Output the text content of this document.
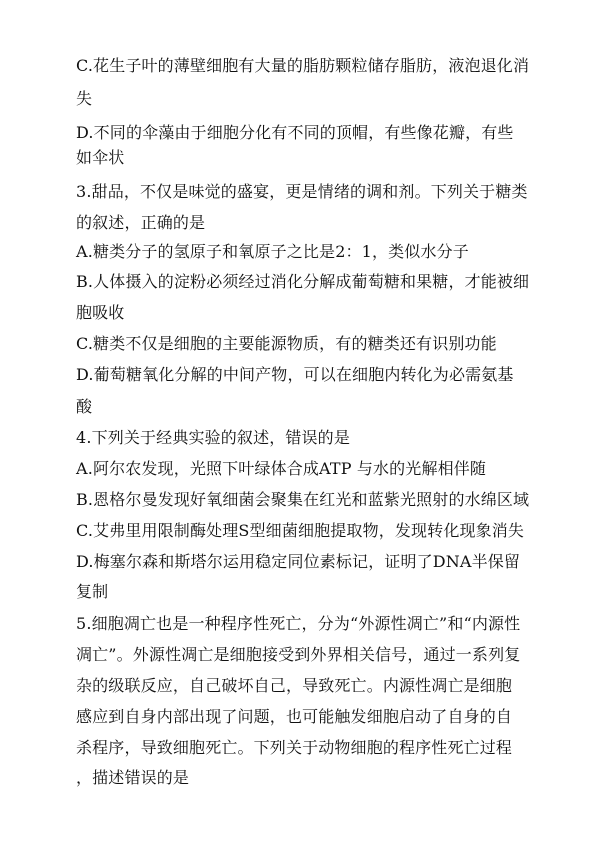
C.花生子叶的薄壁细胞有大量的脂肪颗粒储存脂肪，液泡退化消
失
D.不同的伞藻由于细胞分化有不同的顶帽，有些像花瓣，有些
如伞状
3.甜品，不仅是味觉的盛宴，更是情绪的调和剂。下列关于糖类
的叙述，正确的是
A.糖类分子的氢原子和氧原子之比是2：1，类似水分子
B.人体摄入的淀粉必须经过消化分解成葡萄糖和果糖，才能被细
胞吸收
C.糖类不仅是细胞的主要能源物质，有的糖类还有识别功能
D.葡萄糖氧化分解的中间产物，可以在细胞内转化为必需氨基
酸
4.下列关于经典实验的叙述，错误的是
A.阿尔农发现，光照下叶绿体合成ATP 与水的光解相伴随
B.恩格尔曼发现好氧细菌会聚集在红光和蓝紫光照射的水绵区域
C.艾弗里用限制酶处理S型细菌细胞提取物，发现转化现象消失
D.梅塞尔森和斯塔尔运用稳定同位素标记，证明了DNA半保留
复制
5.细胞凋亡也是一种程序性死亡，分为“外源性凋亡”和“内源性
凋亡”。外源性凋亡是细胞接受到外界相关信号，通过一系列复
杂的级联反应，自己破坏自己，导致死亡。内源性凋亡是细胞
感应到自身内部出现了问题，也可能触发细胞启动了自身的自
杀程序，导致细胞死亡。下列关于动物细胞的程序性死亡过程
，描述错误的是
